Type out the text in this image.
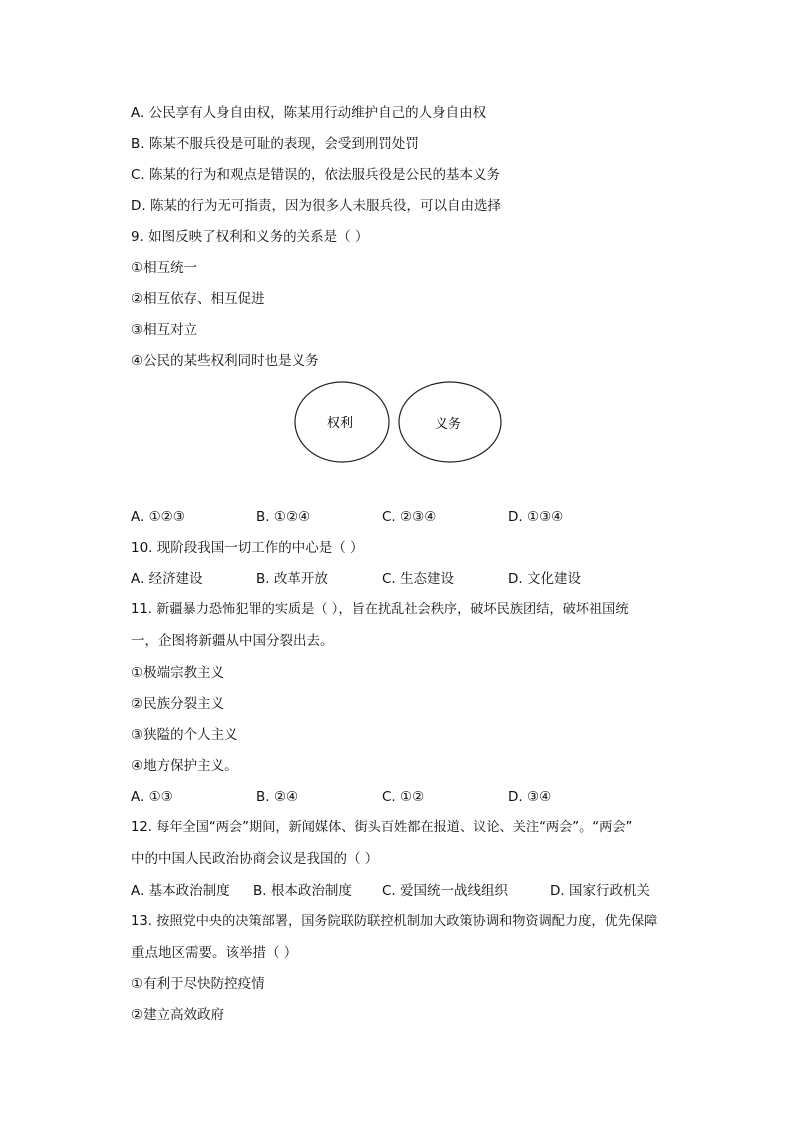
A. 公民享有人身自由权，陈某用行动维护自己的人身自由权
B. 陈某不服兵役是可耻的表现，会受到刑罚处罚
C. 陈某的行为和观点是错误的，依法服兵役是公民的基本义务
D. 陈某的行为无可指责，因为很多人未服兵役，可以自由选择
9. 如图反映了权利和义务的关系是（ ）
①相互统一
②相互依存、相互促进
③相互对立
④公民的某些权利同时也是义务
权利	义务
A. ①②③	B. ①②④	C. ②③④	D. ①③④
10. 现阶段我国一切工作的中心是（ ）
A. 经济建设	B. 改革开放	C. 生态建设	D. 文化建设
11. 新疆暴力恐怖犯罪的实质是（ ），旨在扰乱社会秩序，破坏民族团结，破坏祖国统
一，企图将新疆从中国分裂出去。
①极端宗教主义
②民族分裂主义
③狭隘的个人主义
④地方保护主义。
A. ①③	B. ②④	C. ①②	D. ③④
12. 每年全国“两会”期间，新闻媒体、街头百姓都在报道、议论、关注“两会”。“两会”
中的中国人民政治协商会议是我国的（ ）
A. 基本政治制度 B. 根本政治制度 C. 爱国统一战线组织	D. 国家行政机关
13. 按照党中央的决策部署，国务院联防联控机制加大政策协调和物资调配力度，优先保障
重点地区需要。该举措（ ）
①有利于尽快防控疫情
②建立高效政府
